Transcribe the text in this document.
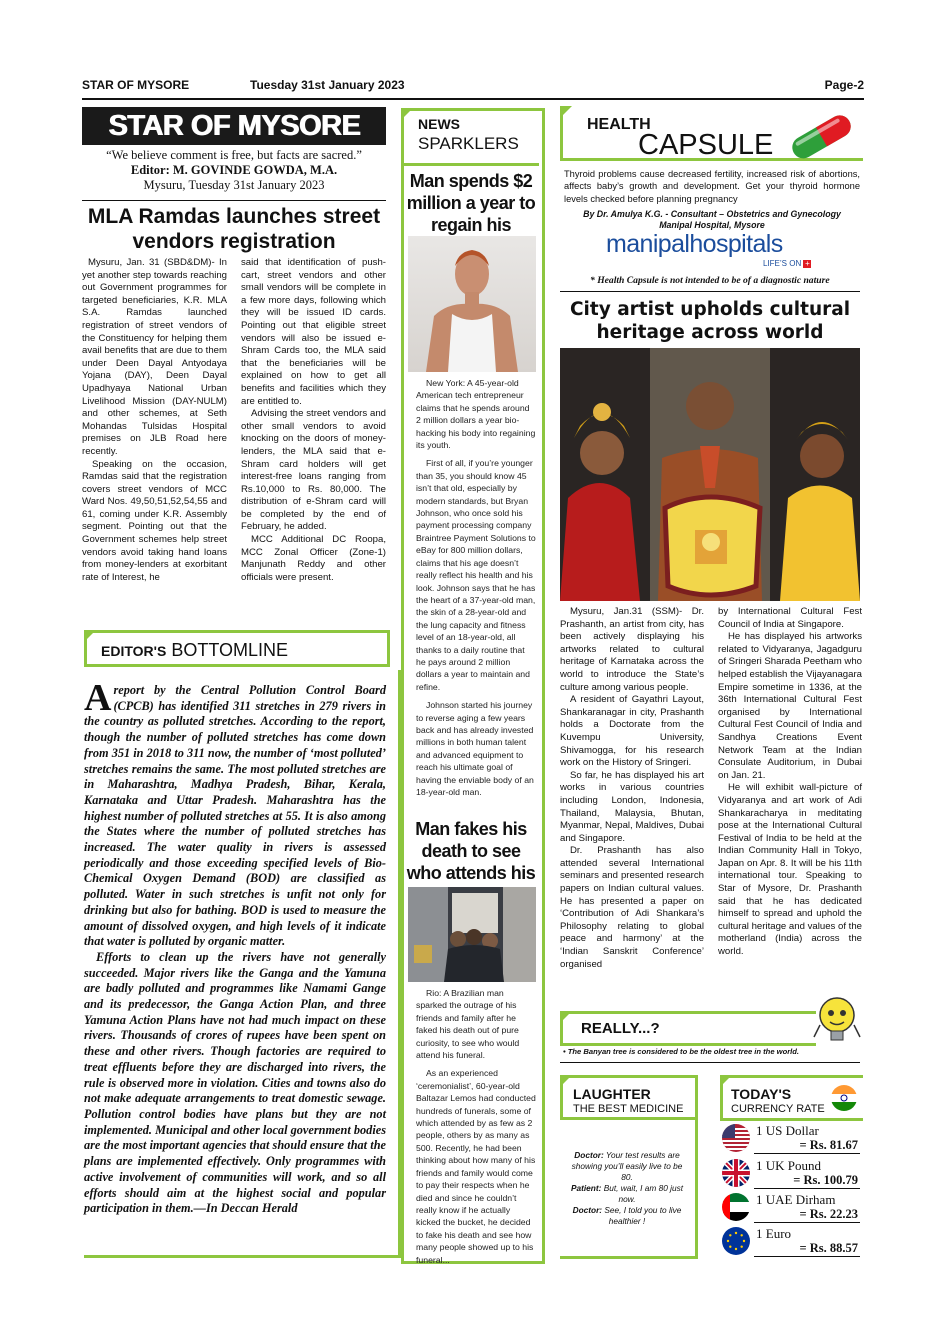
STAR OF MYSORE	Tuesday 31st January 2023	Page-2
STAR OF MYSORE
“We believe comment is free, but facts are sacred.”
Editor: M. GOVINDE GOWDA, M.A.
Mysuru, Tuesday 31st January 2023
MLA Ramdas launches street vendors registration

Mysuru, Jan. 31 (SBD&DM)- In yet another step towards reaching out Government programmes for targeted beneficiaries, K.R. MLA S.A. Ramdas launched registration of street vendors of the Constituency for helping them avail benefits that are due to them under Deen Dayal Antyodaya Yojana (DAY), Deen Dayal Upadhyaya National Urban Livelihood Mission (DAY-NULM) and other schemes, at Seth Mohandas Tulsidas Hospital premises on JLB Road here recently.

Speaking on the occasion, Ramdas said that the registration covers street vendors of MCC Ward Nos. 49,50,51,52,54,55 and 61, coming under K.R. Assembly segment. Pointing out that the Government schemes help street vendors avoid taking hand loans from money-lenders at exorbitant rate of Interest, he

said that identification of push-cart, street vendors and other small vendors will be complete in a few more days, following which they will be issued ID cards. Pointing out that eligible street vendors will also be issued e-Shram Cards too, the MLA said that the beneficiaries will be explained on how to get all benefits and facilities which they are entitled to.

Advising the street vendors and other small vendors to avoid knocking on the doors of money-lenders, the MLA said that e-Shram card holders will get interest-free loans ranging from Rs.10,000 to Rs. 80,000. The distribution of e-Shram card will be completed by the end of February, he added.

MCC Additional DC Roopa, MCC Zonal Officer (Zone-1) Manjunath Reddy and other officials were present.

EDITOR'S BOTTOMLINE

Areport by the Central Pollution Control Board (CPCB) has identified 311 stretches in 279 rivers in the country as polluted stretches. According to the report, though the number of polluted stretches has come down from 351 in 2018 to 311 now, the number of ‘most polluted’ stretches remains the same. The most polluted stretches are in Maharashtra, Madhya Pradesh, Bihar, Kerala, Karnataka and Uttar Pradesh. Maharashtra has the highest number of polluted stretches at 55. It is also among the States where the number of polluted stretches has increased. The water quality in rivers is assessed periodically and those exceeding specified levels of Bio-Chemical Oxygen Demand (BOD) are classified as polluted. Water in such stretches is unfit not only for drinking but also for bathing. BOD is used to measure the amount of dissolved oxygen, and high levels of it indicate that water is polluted by organic matter.

Efforts to clean up the rivers have not generally succeeded. Major rivers like the Ganga and the Yamuna are badly polluted and programmes like Namami Gange and its predecessor, the Ganga Action Plan, and three Yamuna Action Plans have not had much impact on these rivers. Thousands of crores of rupees have been spent on these and other rivers. Though factories are required to treat effluents before they are discharged into rivers, the rule is observed more in violation. Cities and towns also do not make adequate arrangements to treat domestic sewage. Pollution control bodies have plans but they are not implemented. Municipal and other local government bodies are the most important agencies that should ensure that the plans are implemented effectively. Only programmes with active involvement of communities will work, and so all efforts should aim at the highest social and popular participation in them.—In Deccan Herald

NEWS
SPARKLERS
Man spends $2 million a year to regain his

New York: A 45-year-old American tech entrepreneur claims that he spends around 2 million dollars a year bio-hacking his body into regaining its youth.

First of all, if you’re younger than 35, you should know 45 isn’t that old, especially by modern standards, but Bryan Johnson, who once sold his payment processing company Braintree Payment Solutions to eBay for 800 million dollars, claims that his age doesn’t really reflect his health and his look. Johnson says that he has the heart of a 37-year-old man, the skin of a 28-year-old and the lung capacity and fitness level of an 18-year-old, all thanks to a daily routine that he pays around 2 million dollars a year to maintain and refine.

Johnson started his journey to reverse aging a few years back and has already invested millions in both human talent and advanced equipment to reach his ultimate goal of having the enviable body of an 18-year-old man.

Man fakes his death to see who attends his

Rio: A Brazilian man sparked the outrage of his friends and family after he faked his death out of pure curiosity, to see who would attend his funeral.

As an experienced ‘ceremonialist’, 60-year-old Baltazar Lemos had conducted hundreds of funerals, some of which attended by as few as 2 people, others by as many as 500. Recently, he had been thinking about how many of his friends and family would come to pay their respects when he died and since he couldn’t really know if he actually kicked the bucket, he decided to fake his death and see how many people showed up to his funeral...

HEALTH
CAPSULE
Thyroid problems cause decreased fertility, increased risk of abortions, affects baby’s growth and development. Get your thyroid hormone levels checked before planning pregnancy
By Dr. Amulya K.G. - Consultant – Obstetrics and Gynecology
Manipal Hospital, Mysore
manipalhospitals
LIFE’S ON +
* Health Capsule is not intended to be of a diagnostic nature
City artist upholds cultural heritage across world

Mysuru, Jan.31 (SSM)- Dr. Prashanth, an artist from city, has been actively displaying his artworks related to cultural heritage of Karnataka across the world to introduce the State’s culture among various people.

A resident of Gayathri Layout, Shankaranagar in city, Prashanth holds a Doctorate from the Kuvempu University, Shivamogga, for his research work on the History of Sringeri.

So far, he has displayed his art works in various countries including London, Indonesia, Thailand, Malaysia, Bhutan, Myanmar, Nepal, Maldives, Dubai and Singapore.

Dr. Prashanth has also attended several International seminars and presented research papers on Indian cultural values. He has presented a paper on ‘Contribution of Adi Shankara’s Philosophy relating to global peace and harmony’ at the ‘Indian Sanskrit Conference’ organised

by International Cultural Fest Council of India at Singapore.

He has displayed his artworks related to Vidyaranya, Jagadguru of Sringeri Sharada Peetham who helped establish the Vijayanagara Empire sometime in 1336, at the 36th International Cultural Fest organised by International Cultural Fest Council of India and Sandhya Creations Event Network Team at the Indian Consulate Auditorium, in Dubai on Jan. 21.

He will exhibit wall-picture of Vidyaranya and art work of Adi Shankaracharya in meditating pose at the International Cultural Festival of India to be held at the Indian Community Hall in Tokyo, Japan on Apr. 8. It will be his 11th international tour. Speaking to Star of Mysore, Dr. Prashanth said that he has dedicated himself to spread and uphold the cultural heritage and values of the motherland (India) across the world.

REALLY...?
• The Banyan tree is considered to be the oldest tree in the world.
LAUGHTER
THE BEST MEDICINE
Doctor: Your test results are showing you’ll easily live to be 80.
Patient: But, wait, I am 80 just now.
Doctor: See, I told you to live healthier !
TODAY'S
CURRENCY RATE
1 US Dollar
= Rs. 81.67
1 UK Pound
= Rs. 100.79
1 UAE Dirham
= Rs. 22.23
1 Euro
= Rs. 88.57
